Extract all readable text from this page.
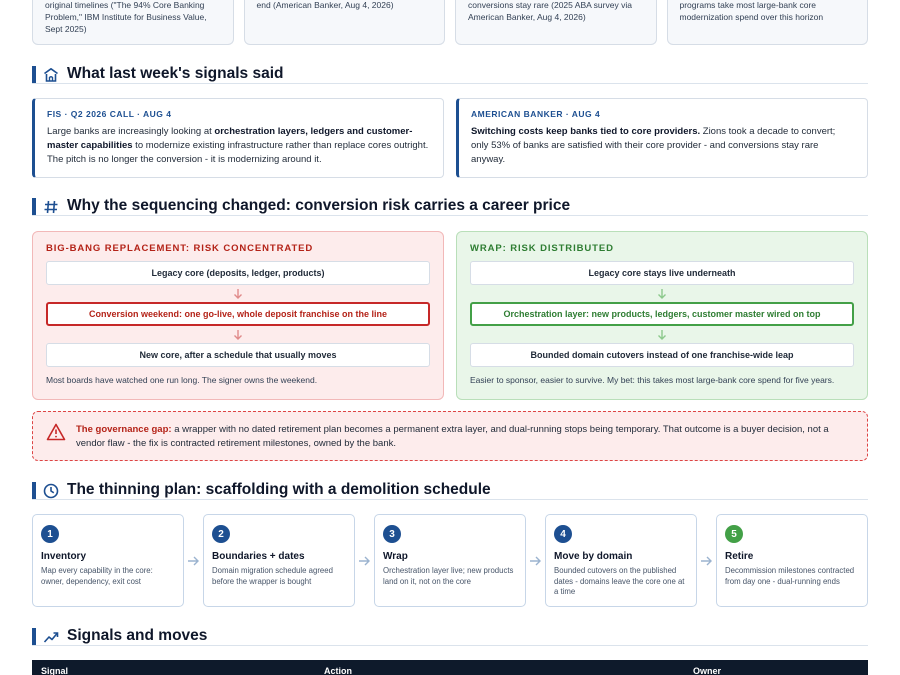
original timelines ("The 94% Core Banking Problem," IBM Institute for Business Value, Sept 2025)
end (American Banker, Aug 4, 2026)	conversions stay rare (2025 ABA survey via American Banker, Aug 4, 2026)
programs take most large-bank core modernization spend over this horizon
What last week's signals said
FIS · Q2 2026 CALL · AUG 4
Large banks are increasingly looking at orchestration layers, ledgers and customer-master capabilities to modernize existing infrastructure rather than replace cores outright. The pitch is no longer the conversion - it is modernizing around it.
AMERICAN BANKER · AUG 4
Switching costs keep banks tied to core providers. Zions took a decade to convert; only 53% of banks are satisfied with their core provider - and conversions stay rare anyway.
Why the sequencing changed: conversion risk carries a career price
BIG-BANG REPLACEMENT: RISK CONCENTRATED
Legacy core (deposits, ledger, products)
Conversion weekend: one go-live, whole deposit franchise on the line
New core, after a schedule that usually moves
Most boards have watched one run long. The signer owns the weekend.
WRAP: RISK DISTRIBUTED
Legacy core stays live underneath
Orchestration layer: new products, ledgers, customer master wired on top
Bounded domain cutovers instead of one franchise-wide leap
Easier to sponsor, easier to survive. My bet: this takes most large-bank core spend for five years.
The governance gap: a wrapper with no dated retirement plan becomes a permanent extra layer, and dual-running stops being temporary. That outcome is a buyer decision, not a vendor flaw - the fix is contracted retirement milestones, owned by the bank.
The thinning plan: scaffolding with a demolition schedule
1
Inventory
Map every capability in the core: owner, dependency, exit cost
2
Boundaries + dates
Domain migration schedule agreed before the wrapper is bought
3
Wrap
Orchestration layer live; new products land on it, not on the core
4
Move by domain
Bounded cutovers on the published dates - domains leave the core one at a time
5
Retire
Decommission milestones contracted from day one - dual-running ends
Signals and moves
Signal	Action	Owner
